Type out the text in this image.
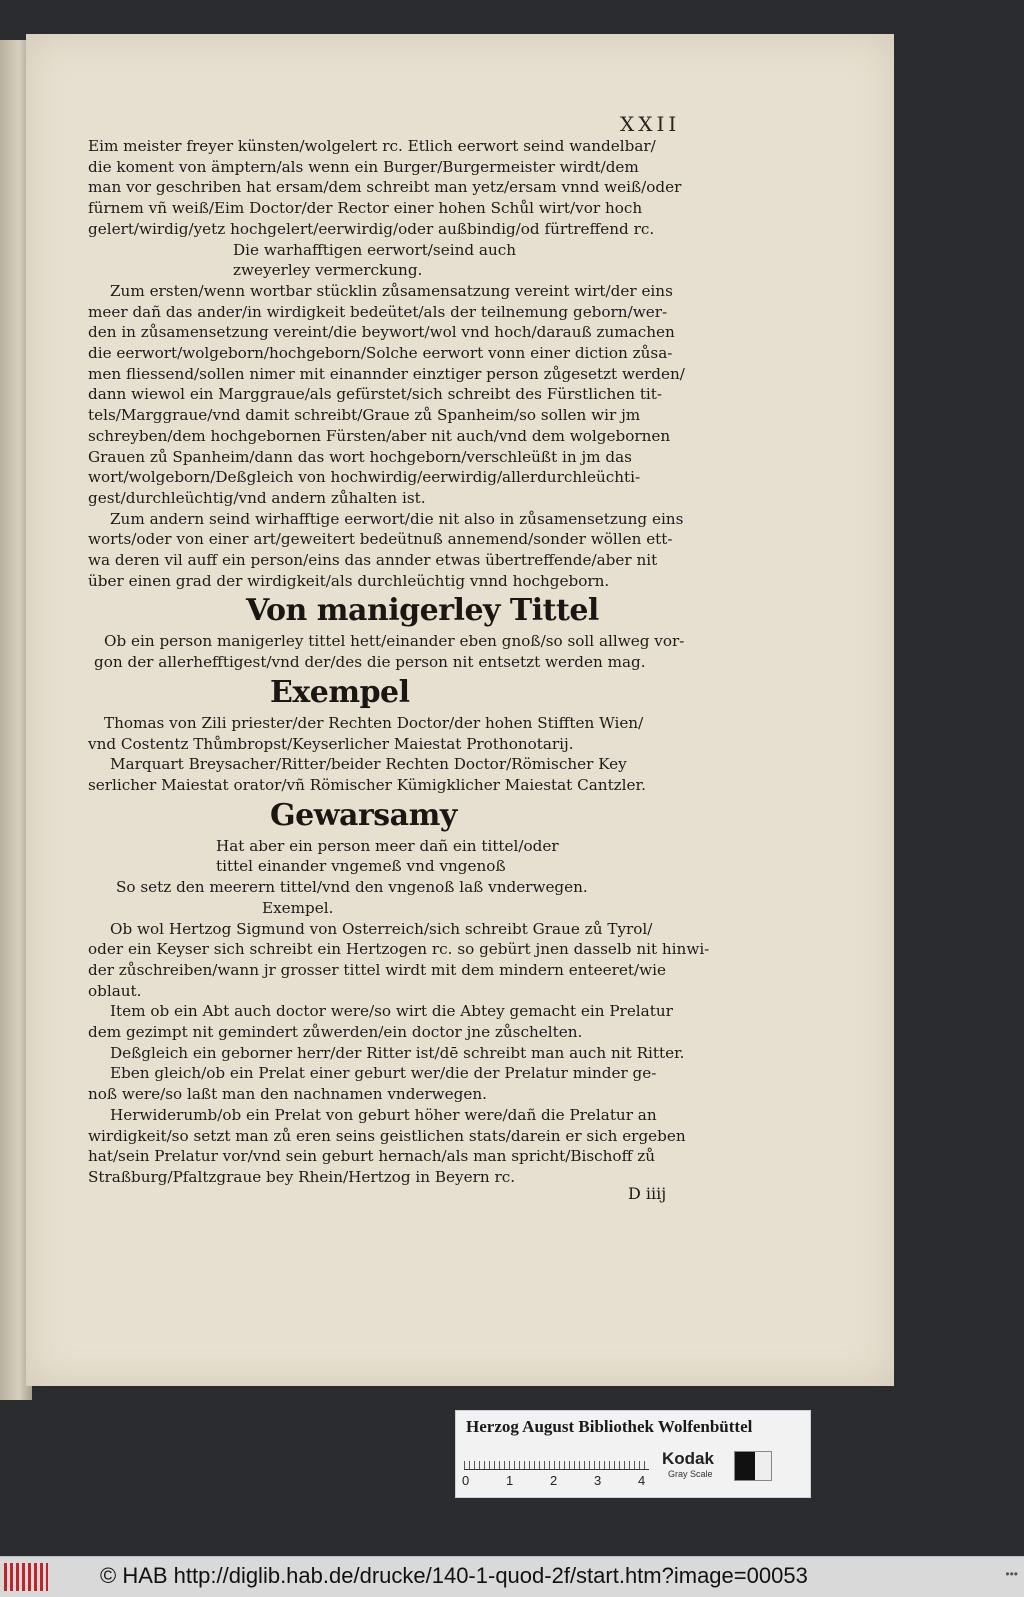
XXII
Eim meister freyer künsten/wolgelert rc. Etlich eerwort seind wandelbar/
die koment von ämptern/als wenn ein Burger/Burgermeister wirdt/dem
man vor geschriben hat ersam/dem schreibt man yetz/ersam vnnd weiß/oder
fürnem vñ weiß/Eim Doctor/der Rector einer hohen Schůl wirt/vor hoch
gelert/wirdig/yetz hochgelert/eerwirdig/oder außbindig/od fürtreffend rc.
Die warhafftigen eerwort/seind auch
zweyerley vermerckung.
Zum ersten/wenn wortbar stücklin zůsamensatzung vereint wirt/der eins
meer dañ das ander/in wirdigkeit bedeütet/als der teilnemung geborn/wer-
den in zůsamensetzung vereint/die beywort/wol vnd hoch/darauß zumachen
die eerwort/wolgeborn/hochgeborn/Solche eerwort vonn einer diction zůsa-
men fliessend/sollen nimer mit einannder einztiger person zůgesetzt werden/
dann wiewol ein Marggraue/als gefürstet/sich schreibt des Fürstlichen tit-
tels/Marggraue/vnd damit schreibt/Graue zů Spanheim/so sollen wir jm
schreyben/dem hochgebornen Fürsten/aber nit auch/vnd dem wolgebornen
Grauen zů Spanheim/dann das wort hochgeborn/verschleüßt in jm das
wort/wolgeborn/Deßgleich von hochwirdig/eerwirdig/allerdurchleüchti-
gest/durchleüchtig/vnd andern zůhalten ist.
Zum andern seind wirhafftige eerwort/die nit also in zůsamensetzung eins
worts/oder von einer art/geweitert bedeütnuß annemend/sonder wöllen ett-
wa deren vil auff ein person/eins das annder etwas übertreffende/aber nit
über einen grad der wirdigkeit/als durchleüchtig vnnd hochgeborn.
Von manigerley Tittel
Ob ein person manigerley tittel hett/einander eben gnoß/so soll allweg vor-
gon der allerhefftigest/vnd der/des die person nit entsetzt werden mag.
Exempel
Thomas von Zili priester/der Rechten Doctor/der hohen Stifften Wien/
vnd Costentz Thůmbropst/Keyserlicher Maiestat Prothonotarij.
Marquart Breysacher/Ritter/beider Rechten Doctor/Römischer Key
serlicher Maiestat orator/vñ Römischer Kümigklicher Maiestat Cantzler.
Gewarsamy
Hat aber ein person meer dañ ein tittel/oder
tittel einander vngemeß vnd vngenoß
So setz den meerern tittel/vnd den vngenoß laß vnderwegen.
Exempel.
Ob wol Hertzog Sigmund von Osterreich/sich schreibt Graue zů Tyrol/
oder ein Keyser sich schreibt ein Hertzogen rc. so gebürt jnen dasselb nit hinwi-
der zůschreiben/wann jr grosser tittel wirdt mit dem mindern enteeret/wie
oblaut.
Item ob ein Abt auch doctor were/so wirt die Abtey gemacht ein Prelatur
dem gezimpt nit gemindert zůwerden/ein doctor jne zůschelten.
Deßgleich ein geborner herr/der Ritter ist/dē schreibt man auch nit Ritter.
Eben gleich/ob ein Prelat einer geburt wer/die der Prelatur minder ge-
noß were/so laßt man den nachnamen vnderwegen.
Herwiderumb/ob ein Prelat von geburt höher were/dañ die Prelatur an
wirdigkeit/so setzt man zů eren seins geistlichen stats/darein er sich ergeben
hat/sein Prelatur vor/vnd sein geburt hernach/als man spricht/Bischoff zů
Straßburg/Pfaltzgraue bey Rhein/Hertzog in Beyern rc.
D iiij
Herzog August Bibliothek Wolfenbüttel
0	1	2	3	4
Kodak
Gray Scale
© HAB http://diglib.hab.de/drucke/140-1-quod-2f/start.htm?image=00053	•••
